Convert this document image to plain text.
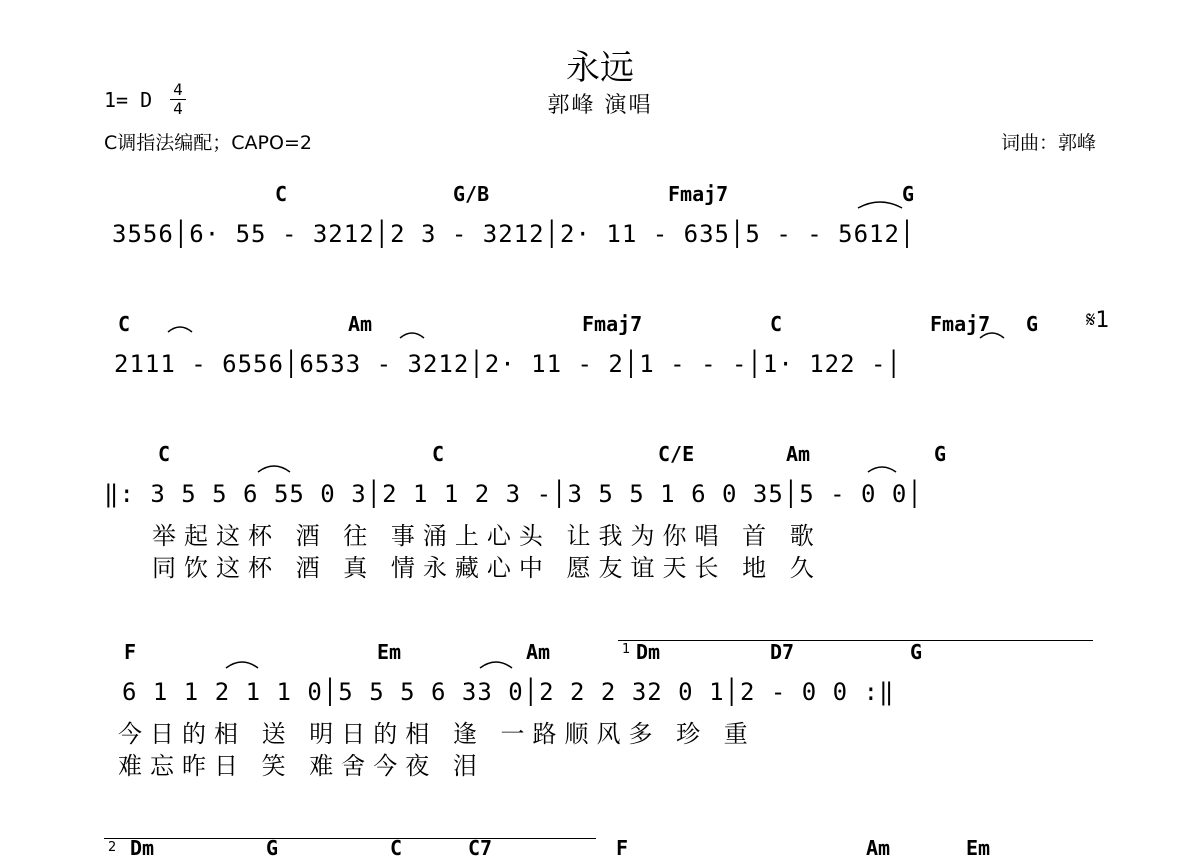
永远
郭峰 演唱
1= D 4
4
C调指法编配；CAPO=2	词曲：郭峰
C	G/B	Fmaj7	G
3556│6· 55 - 3212│2 3 - 3212│2· 11 - 635│5 - - 5612│
C	Am	Fmaj7	C	Fmaj7 G 𝄋1
2111 - 6556│6533 - 3212│2· 11 - 2│1 - - -│1· 122 -│
C	C	C/E	Am	G
‖: 3 5 5 6 55 0 3│2 1 1 2 3 -│3 5 5 1 6 0 35│5 - 0 0│
举起这杯 酒 往 事涌上心头 让我为你唱 首 歌
同饮这杯 酒 真 情永藏心中 愿友谊天长 地 久
1
F	Em	Am	Dm	D7	G
6 1 1 2 1 1 0│5 5 5 6 33 0│2 2 2 32 0 1│2 - 0 0 :‖
今日的相 送 明日的相 逢 一路顺风多 珍 重
难忘昨日 笑 难舍今夜 泪
2 Dm	G	C	C7	F	Am	Em
